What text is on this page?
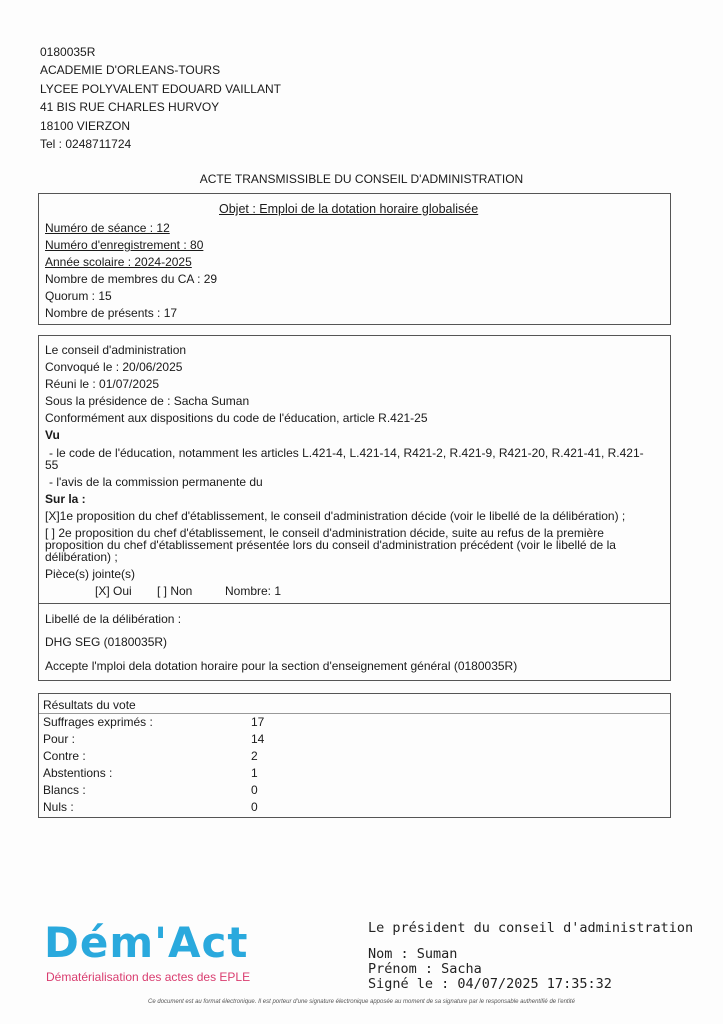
0180035R
ACADEMIE D'ORLEANS-TOURS
LYCEE POLYVALENT EDOUARD VAILLANT
41 BIS RUE CHARLES HURVOY
18100 VIERZON
Tel : 0248711724
ACTE TRANSMISSIBLE DU CONSEIL D'ADMINISTRATION
Objet : Emploi de la dotation horaire globalisée
Numéro de séance : 12
Numéro d'enregistrement : 80
Année scolaire : 2024-2025
Nombre de membres du CA : 29
Quorum : 15
Nombre de présents : 17
Le conseil d'administration
Convoqué le : 20/06/2025
Réuni le : 01/07/2025
Sous la présidence de : Sacha Suman
Conformément aux dispositions du code de l'éducation, article R.421-25
Vu
- le code de l'éducation, notamment les articles L.421-4, L.421-14, R421-2, R.421-9, R421-20, R.421-41, R.421-
55
- l'avis de la commission permanente du
Sur la :
[X]1e proposition du chef d'établissement, le conseil d'administration décide (voir le libellé de la délibération) ;
[ ] 2e proposition du chef d'établissement, le conseil d'administration décide, suite au refus de la première
proposition du chef d'établissement présentée lors du conseil d'administration précédent (voir le libellé de la
délibération) ;
Pièce(s) jointe(s)
[X] Oui [ ] Non	Nombre: 1
Libellé de la délibération :
DHG SEG (0180035R)
Accepte l'mploi dela dotation horaire pour la section d'enseignement général (0180035R)
Résultats du vote
Suffrages exprimés :	17
Pour :	14
Contre :	2
Abstentions :	1
Blancs :	0
Nuls :	0
Dém'Act
Dématérialisation des actes des EPLE
Le président du conseil d'administration
Nom : Suman
Prénom : Sacha
Signé le : 04/07/2025 17:35:32
Ce document est au format électronique. Il est porteur d'une signature électronique apposée au moment de sa signature par le responsable authentifié de l'entité
